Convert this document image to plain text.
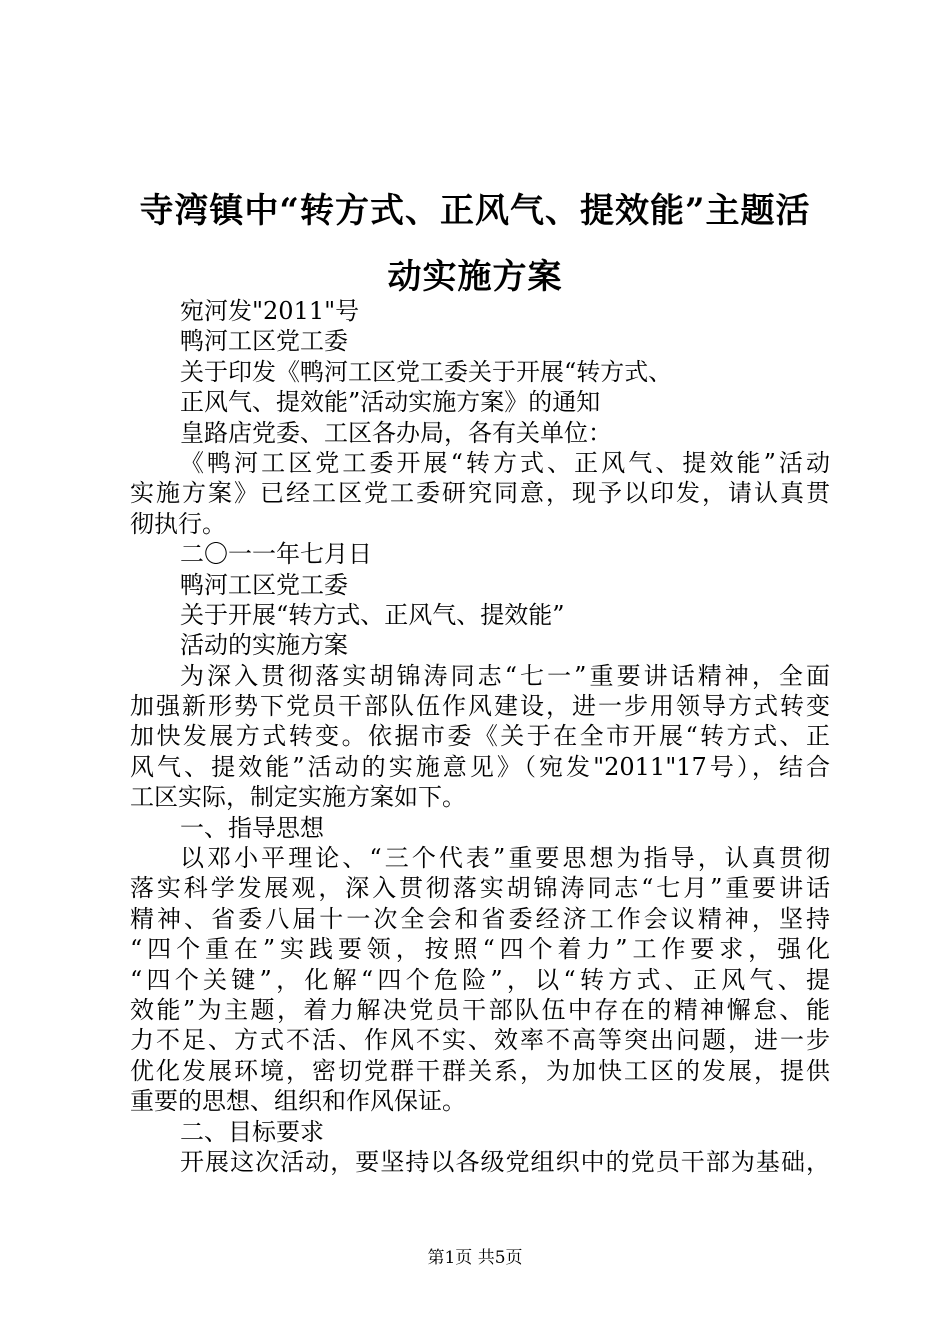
寺湾镇中“转方式、正风气、提效能”主题活
动实施方案
宛河发"2011"号
鸭河工区党工委
关于印发《鸭河工区党工委关于开展“转方式、
正风气、提效能”活动实施方案》的通知
皇路店党委、工区各办局，各有关单位：
《鸭河工区党工委开展“转方式、正风气、提效能”活动
实施方案》已经工区党工委研究同意，现予以印发，请认真贯
彻执行。
二〇一一年七月日
鸭河工区党工委
关于开展“转方式、正风气、提效能”
活动的实施方案
为深入贯彻落实胡锦涛同志“七一”重要讲话精神，全面
加强新形势下党员干部队伍作风建设，进一步用领导方式转变
加快发展方式转变。依据市委《关于在全市开展“转方式、正
风气、提效能”活动的实施意见》（宛发"2011"17号），结合
工区实际，制定实施方案如下。
一、指导思想
以邓小平理论、“三个代表”重要思想为指导，认真贯彻
落实科学发展观，深入贯彻落实胡锦涛同志“七月”重要讲话
精神、省委八届十一次全会和省委经济工作会议精神，坚持
“四个重在”实践要领，按照“四个着力”工作要求，强化
“四个关键”，化解“四个危险”，以“转方式、正风气、提
效能”为主题，着力解决党员干部队伍中存在的精神懈怠、能
力不足、方式不活、作风不实、效率不高等突出问题，进一步
优化发展环境，密切党群干群关系，为加快工区的发展，提供
重要的思想、组织和作风保证。
二、目标要求
开展这次活动，要坚持以各级党组织中的党员干部为基础，
第1页 共5页
